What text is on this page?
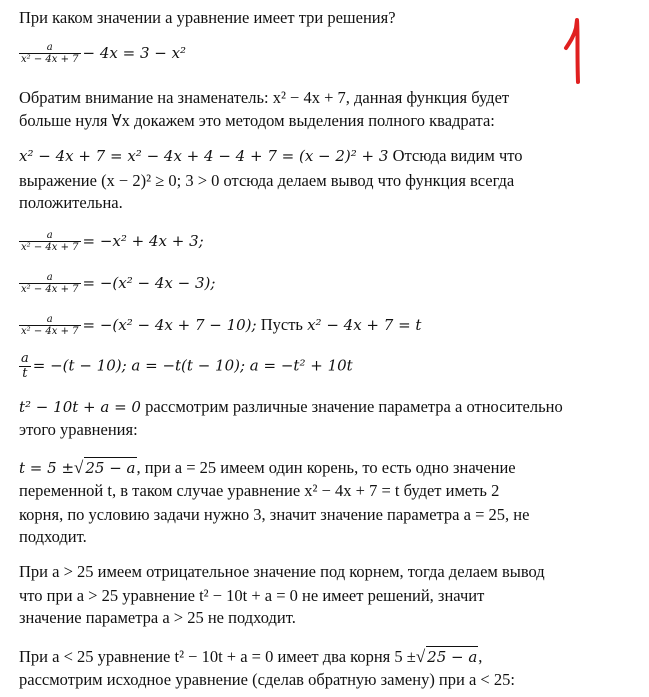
При каком значении a уравнение имеет три решения?
$\frac{a}{\text{x² − 4x + 7}} - 4x = 3 - x^2$
Обратим внимание на знаменатель: x² − 4x + 7, данная функция будет
больше нуля ∀x докажем это методом выделения полного квадрата:
x² − 4x + 7 = x² − 4x + 4 − 4 + 7 = (x − 2)² + 3 Отсюда видим что
выражение (x − 2)² ≥ 0; 3 > 0 отсюда делаем вывод что функция всегда
положительна.
$\frac{a}{\text{x² − 4x + 7}} = -x^2 + 4x + 3$;
$\frac{a}{\text{x² − 4x + 7}} = -(x^2 - 4x - 3)$;
$\frac{a}{\text{x² − 4x + 7}} = -(x^2 - 4x + 7 - 10)$; Пусть x² − 4x + 7 = t
$\frac{a}{t} = -(t - 10)$; a = −t(t − 10); a = −t² + 10t
t² − 10t + a = 0 рассмотрим различные значение параметра a относительно
этого уравнения:
t = 5 ±√ 25 − a, при a = 25 имеем один корень, то есть одно значение
переменной t, в таком случае уравнение x² − 4x + 7 = t будет иметь 2
корня, по условию задачи нужно 3, значит значение параметра a = 25, не
подходит.
При a > 25 имеем отрицательное значение под корнем, тогда делаем вывод
что при a > 25 уравнение t² − 10t + a = 0 не имеет решений, значит
значение параметра a > 25 не подходит.
При a < 25 уравнение t² − 10t + a = 0 имеет два корня 5 ±√ 25 − a,
рассмотрим исходное уравнение (сделав обратную замену) при a < 25:
